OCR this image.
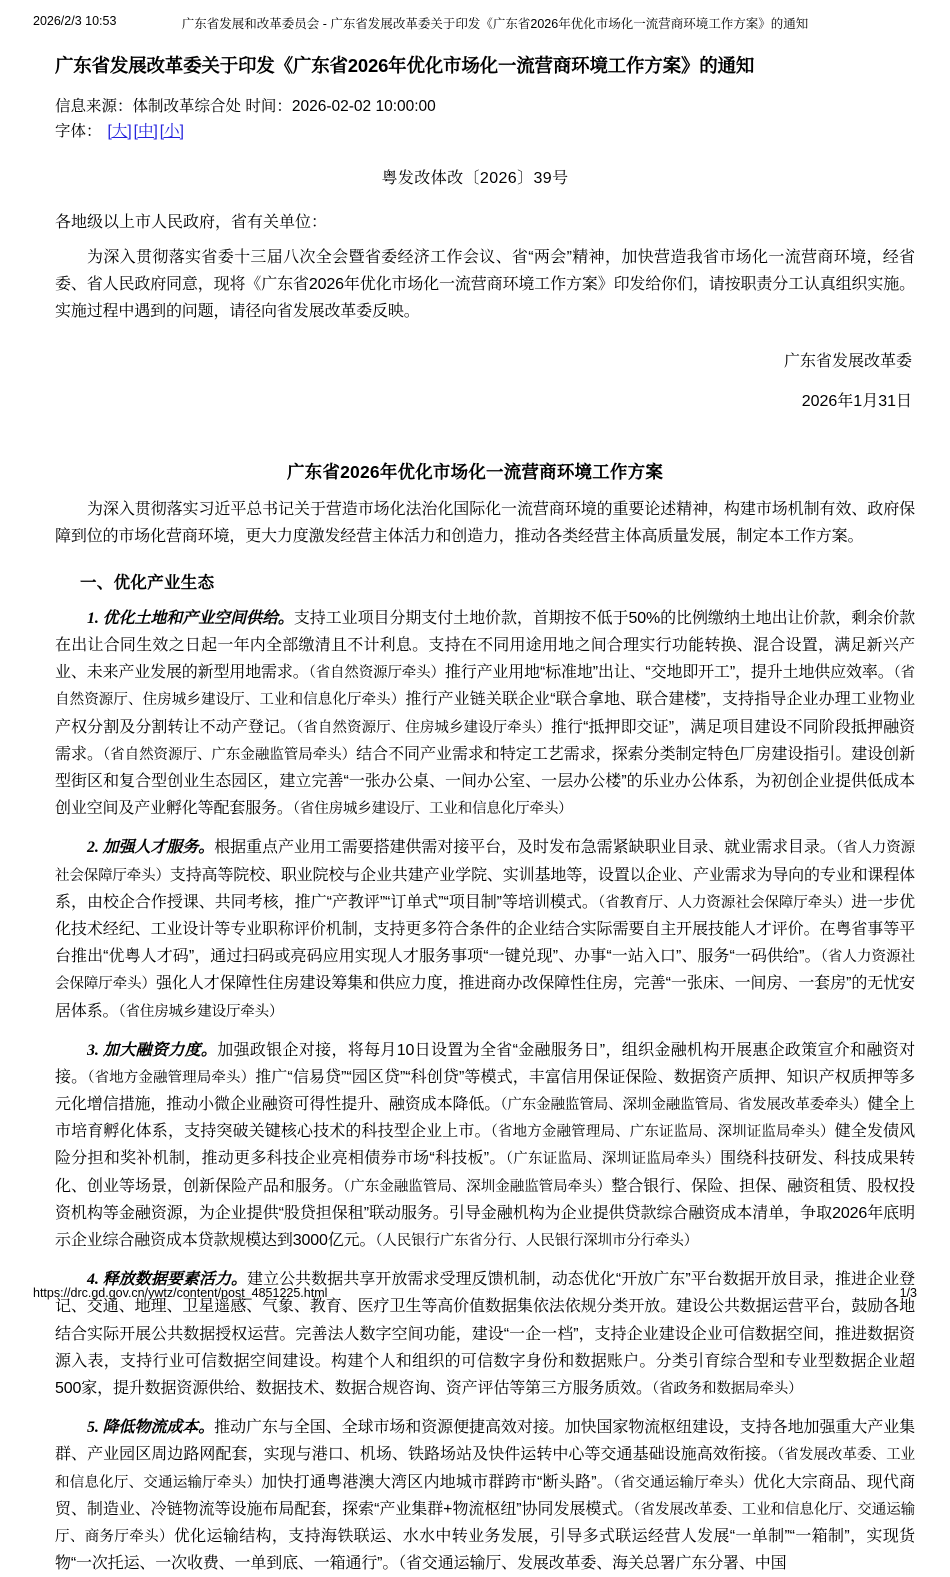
2026/2/3 10:53	广东省发展和改革委员会 - 广东省发展改革委关于印发《广东省2026年优化市场化一流营商环境工作方案》的通知
广东省发展改革委关于印发《广东省2026年优化市场化一流营商环境工作方案》的通知
信息来源：体制改革综合处 时间：2026-02-02 10:00:00
字体： [大] [中] [小]
粤发改体改〔2026〕39号
各地级以上市人民政府，省有关单位：
为深入贯彻落实省委十三届八次全会暨省委经济工作会议、省“两会”精神，加快营造我省市场化一流营商环境，经省委、省人民政府同意，现将《广东省2026年优化市场化一流营商环境工作方案》印发给你们，请按职责分工认真组织实施。实施过程中遇到的问题，请径向省发展改革委反映。
广东省发展改革委
2026年1月31日
广东省2026年优化市场化一流营商环境工作方案
为深入贯彻落实习近平总书记关于营造市场化法治化国际化一流营商环境的重要论述精神，构建市场机制有效、政府保障到位的市场化营商环境，更大力度激发经营主体活力和创造力，推动各类经营主体高质量发展，制定本工作方案。
一、优化产业生态
1. 优化土地和产业空间供给。支持工业项目分期支付土地价款，首期按不低于50%的比例缴纳土地出让价款，剩余价款在出让合同生效之日起一年内全部缴清且不计利息。支持在不同用途用地之间合理实行功能转换、混合设置，满足新兴产业、未来产业发展的新型用地需求。（省自然资源厅牵头）推行产业用地“标准地”出让、“交地即开工”，提升土地供应效率。（省自然资源厅、住房城乡建设厅、工业和信息化厅牵头）推行产业链关联企业“联合拿地、联合建楼”，支持指导企业办理工业物业产权分割及分割转让不动产登记。（省自然资源厅、住房城乡建设厅牵头）推行“抵押即交证”，满足项目建设不同阶段抵押融资需求。（省自然资源厅、广东金融监管局牵头）结合不同产业需求和特定工艺需求，探索分类制定特色厂房建设指引。建设创新型街区和复合型创业生态园区，建立完善“一张办公桌、一间办公室、一层办公楼”的乐业办公体系，为初创企业提供低成本创业空间及产业孵化等配套服务。（省住房城乡建设厅、工业和信息化厅牵头）
2. 加强人才服务。根据重点产业用工需要搭建供需对接平台，及时发布急需紧缺职业目录、就业需求目录。（省人力资源社会保障厅牵头）支持高等院校、职业院校与企业共建产业学院、实训基地等，设置以企业、产业需求为导向的专业和课程体系，由校企合作授课、共同考核，推广“产教评”“订单式”“项目制”等培训模式。（省教育厅、人力资源社会保障厅牵头）进一步优化技术经纪、工业设计等专业职称评价机制，支持更多符合条件的企业结合实际需要自主开展技能人才评价。在粤省事等平台推出“优粤人才码”，通过扫码或亮码应用实现人才服务事项“一键兑现”、办事“一站入口”、服务“一码供给”。（省人力资源社会保障厅牵头）强化人才保障性住房建设筹集和供应力度，推进商办改保障性住房，完善“一张床、一间房、一套房”的无忧安居体系。（省住房城乡建设厅牵头）
3. 加大融资力度。加强政银企对接，将每月10日设置为全省“金融服务日”，组织金融机构开展惠企政策宣介和融资对接。（省地方金融管理局牵头）推广“信易贷”“园区贷”“科创贷”等模式，丰富信用保证保险、数据资产质押、知识产权质押等多元化增信措施，推动小微企业融资可得性提升、融资成本降低。（广东金融监管局、深圳金融监管局、省发展改革委牵头）健全上市培育孵化体系，支持突破关键核心技术的科技型企业上市。（省地方金融管理局、广东证监局、深圳证监局牵头）健全发债风险分担和奖补机制，推动更多科技企业亮相债券市场“科技板”。（广东证监局、深圳证监局牵头）围绕科技研发、科技成果转化、创业等场景，创新保险产品和服务。（广东金融监管局、深圳金融监管局牵头）整合银行、保险、担保、融资租赁、股权投资机构等金融资源，为企业提供“股贷担保租”联动服务。引导金融机构为企业提供贷款综合融资成本清单，争取2026年底明示企业综合融资成本贷款规模达到3000亿元。（人民银行广东省分行、人民银行深圳市分行牵头）
4. 释放数据要素活力。建立公共数据共享开放需求受理反馈机制，动态优化“开放广东”平台数据开放目录，推进企业登记、交通、地理、卫星遥感、气象、教育、医疗卫生等高价值数据集依法依规分类开放。建设公共数据运营平台，鼓励各地结合实际开展公共数据授权运营。完善法人数字空间功能，建设“一企一档”，支持企业建设企业可信数据空间，推进数据资源入表，支持行业可信数据空间建设。构建个人和组织的可信数字身份和数据账户。分类引育综合型和专业型数据企业超500家，提升数据资源供给、数据技术、数据合规咨询、资产评估等第三方服务质效。（省政务和数据局牵头）
5. 降低物流成本。推动广东与全国、全球市场和资源便捷高效对接。加快国家物流枢纽建设，支持各地加强重大产业集群、产业园区周边路网配套，实现与港口、机场、铁路场站及快件运转中心等交通基础设施高效衔接。（省发展改革委、工业和信息化厅、交通运输厅牵头）加快打通粤港澳大湾区内地城市群跨市“断头路”。（省交通运输厅牵头）优化大宗商品、现代商贸、制造业、冷链物流等设施布局配套，探索“产业集群+物流枢纽”协同发展模式。（省发展改革委、工业和信息化厅、交通运输厅、商务厅牵头）优化运输结构，支持海铁联运、水水中转业务发展，引导多式联运经营人发展“一单制”“一箱制”，实现货物“一次托运、一次收费、一单到底、一箱通行”。（省交通运输厅、发展改革委、海关总署广东分署、中国
https://drc.gd.gov.cn/ywtz/content/post_4851225.html	1/3
